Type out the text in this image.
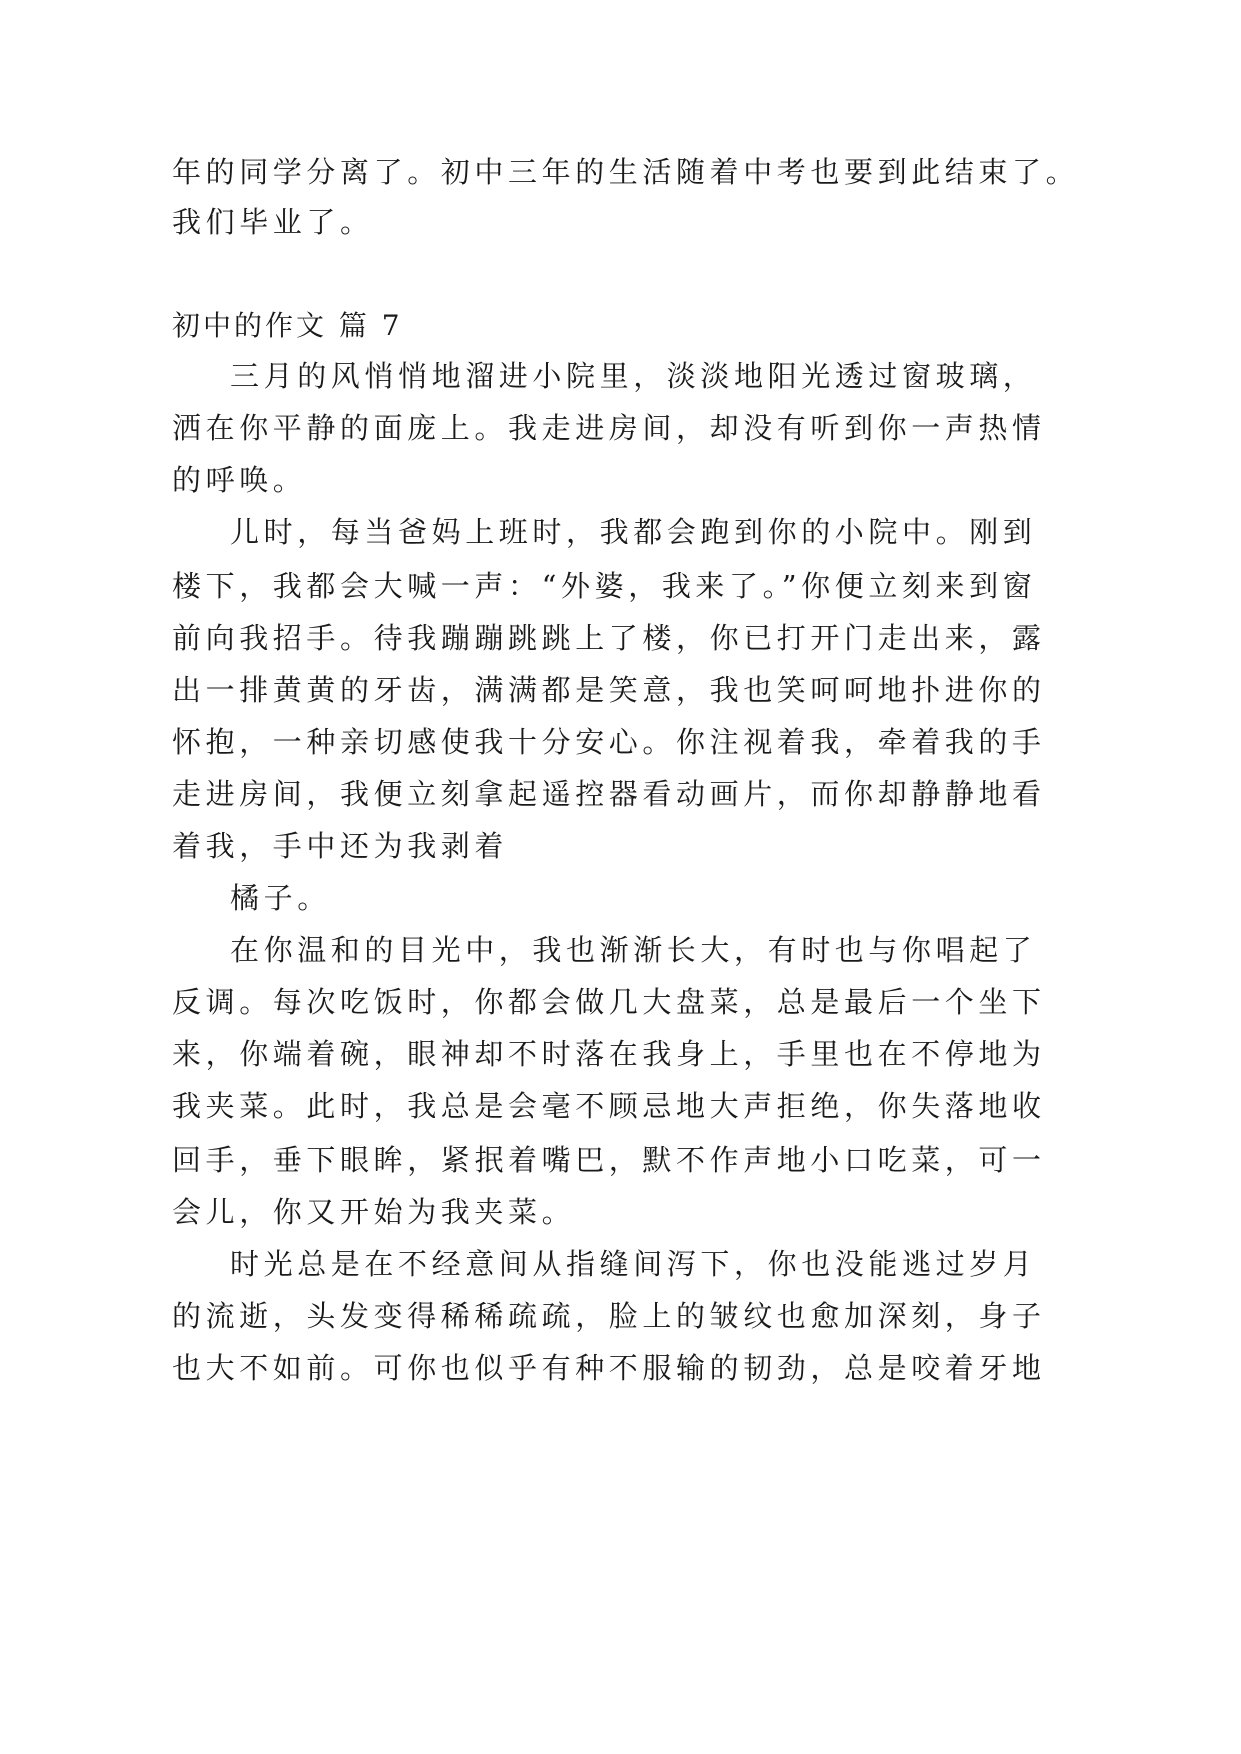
年的同学分离了。初中三年的生活随着中考也要到此结束了。

我们毕业了。

初中的作文 篇 7

三月的风悄悄地溜进小院里，淡淡地阳光透过窗玻璃，

洒在你平静的面庞上。我走进房间，却没有听到你一声热情

的呼唤。

儿时，每当爸妈上班时，我都会跑到你的小院中。刚到

楼下，我都会大喊一声：“外婆，我来了。”你便立刻来到窗

前向我招手。待我蹦蹦跳跳上了楼，你已打开门走出来，露

出一排黄黄的牙齿，满满都是笑意，我也笑呵呵地扑进你的

怀抱，一种亲切感使我十分安心。你注视着我，牵着我的手

走进房间，我便立刻拿起遥控器看动画片，而你却静静地看

着我，手中还为我剥着

橘子。

在你温和的目光中，我也渐渐长大，有时也与你唱起了

反调。每次吃饭时，你都会做几大盘菜，总是最后一个坐下

来，你端着碗，眼神却不时落在我身上，手里也在不停地为

我夹菜。此时，我总是会毫不顾忌地大声拒绝，你失落地收

回手，垂下眼眸，紧抿着嘴巴，默不作声地小口吃菜，可一

会儿，你又开始为我夹菜。

时光总是在不经意间从指缝间泻下，你也没能逃过岁月

的流逝，头发变得稀稀疏疏，脸上的皱纹也愈加深刻，身子

也大不如前。可你也似乎有种不服输的韧劲，总是咬着牙地
